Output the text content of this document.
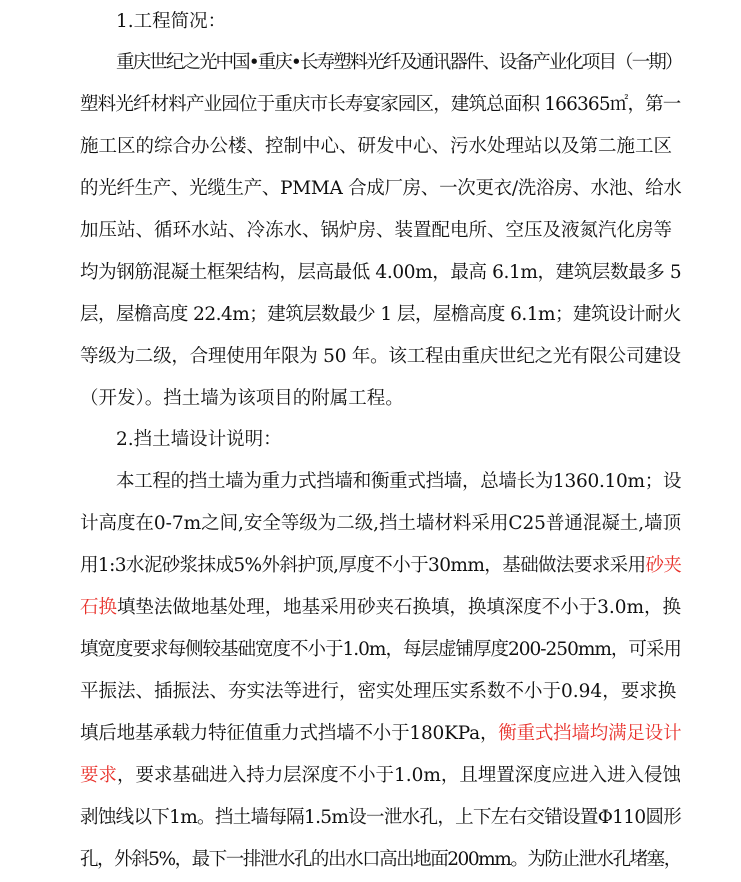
1.工程简况：
重庆世纪之光中国•重庆•长寿塑料光纤及通讯器件、设备产业化项目（一期）
塑料光纤材料产业园位于重庆市长寿宴家园区，建筑总面积 166365㎡，第一
施工区的综合办公楼、控制中心、研发中心、污水处理站以及第二施工区
的光纤生产、光缆生产、PMMA 合成厂房、一次更衣/洗浴房、水池、给水
加压站、循环水站、冷冻水、锅炉房、装置配电所、空压及液氮汽化房等
均为钢筋混凝土框架结构，层高最低 4.00m，最高 6.1m，建筑层数最多 5
层，屋檐高度 22.4m；建筑层数最少 1 层，屋檐高度 6.1m；建筑设计耐火
等级为二级，合理使用年限为 50 年。该工程由重庆世纪之光有限公司建设
（开发）。挡土墙为该项目的附属工程。
2.挡土墙设计说明：
本工程的挡土墙为重力式挡墙和衡重式挡墙，总墙长为1360.10m；设
计高度在0-7m之间,安全等级为二级,挡土墙材料采用C25普通混凝土,墙顶
用1:3水泥砂浆抹成5%外斜护顶,厚度不小于30mm，基础做法要求采用砂夹
石换填垫法做地基处理，地基采用砂夹石换填，换填深度不小于3.0m，换
填宽度要求每侧较基础宽度不小于1.0m，每层虚铺厚度200-250mm，可采用
平振法、插振法、夯实法等进行，密实处理压实系数不小于0.94，要求换
填后地基承载力特征值重力式挡墙不小于180KPa，衡重式挡墙均满足设计
要求，要求基础进入持力层深度不小于1.0m，且埋置深度应进入进入侵蚀
剥蚀线以下1m。挡土墙每隔1.5m设一泄水孔，上下左右交错设置Φ110圆形
孔，外斜5%，最下一排泄水孔的出水口高出地面200mm。为防止泄水孔堵塞，
